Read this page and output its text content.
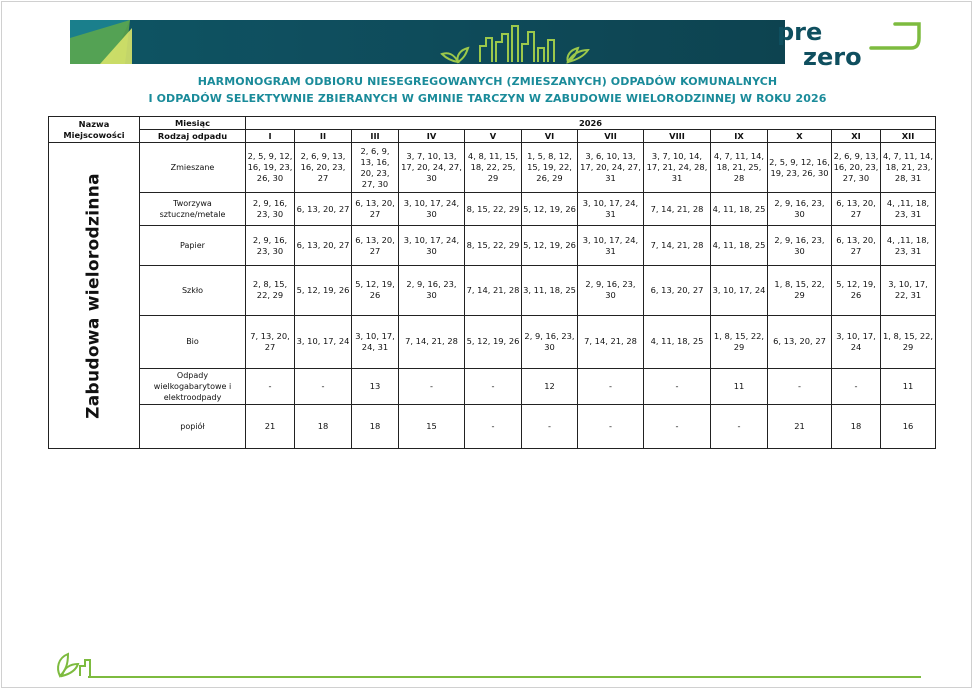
pre
zero
HARMONOGRAM ODBIORU NIESEGREGOWANYCH (ZMIESZANYCH) ODPADÓW KOMUNALNYCH
I ODPADÓW SELEKTYWNIE ZBIERANYCH W GMINIE TARCZYN W ZABUDOWIE WIELORODZINNEJ W ROKU 2026
Nazwa Miejscowości	Miesiąc	2026											
	Rodzaj odpadu	I	II	III	IV	V	VI	VII	VIII	IX	X	XI	XII

Zabudowa wielorodzinna	Zmieszane	2, 5, 9, 12, 16, 19, 23, 26, 30	2, 6, 9, 13, 16, 20, 23, 27	2, 6, 9, 13, 16, 20, 23, 27, 30	3, 7, 10, 13, 17, 20, 24, 27, 30	4, 8, 11, 15, 18, 22, 25, 29	1, 5, 8, 12, 15, 19, 22, 26, 29	3, 6, 10, 13, 17, 20, 24, 27, 31	3, 7, 10, 14, 17, 21, 24, 28, 31	4, 7, 11, 14, 18, 21, 25, 28	2, 5, 9, 12, 16, 19, 23, 26, 30	2, 6, 9, 13, 16, 20, 23, 27, 30	4, 7, 11, 14, 18, 21, 23, 28, 31
	Tworzywa sztuczne/metale	2, 9, 16, 23, 30	6, 13, 20, 27	6, 13, 20, 27	3, 10, 17, 24, 30	8, 15, 22, 29	5, 12, 19, 26	3, 10, 17, 24, 31	7, 14, 21, 28	4, 11, 18, 25	2, 9, 16, 23, 30	6, 13, 20, 27	4, ,11, 18, 23, 31
	Papier	2, 9, 16, 23, 30	6, 13, 20, 27	6, 13, 20, 27	3, 10, 17, 24, 30	8, 15, 22, 29	5, 12, 19, 26	3, 10, 17, 24, 31	7, 14, 21, 28	4, 11, 18, 25	2, 9, 16, 23, 30	6, 13, 20, 27	4, ,11, 18, 23, 31
	Szkło	2, 8, 15, 22, 29	5, 12, 19, 26	5, 12, 19, 26	2, 9, 16, 23, 30	7, 14, 21, 28	3, 11, 18, 25	2, 9, 16, 23, 30	6, 13, 20, 27	3, 10, 17, 24	1, 8, 15, 22, 29	5, 12, 19, 26	3, 10, 17, 22, 31
	Bio	7, 13, 20, 27	3, 10, 17, 24	3, 10, 17, 24, 31	7, 14, 21, 28	5, 12, 19, 26	2, 9, 16, 23, 30	7, 14, 21, 28	4, 11, 18, 25	1, 8, 15, 22, 29	6, 13, 20, 27	3, 10, 17, 24	1, 8, 15, 22, 29
	Odpady wielkogabarytowe i elektroodpady	-	-	13	-	-	12	-	-	11	-	-	11
	popiół	21	18	18	15	-	-	-	-	-	21	18	16
